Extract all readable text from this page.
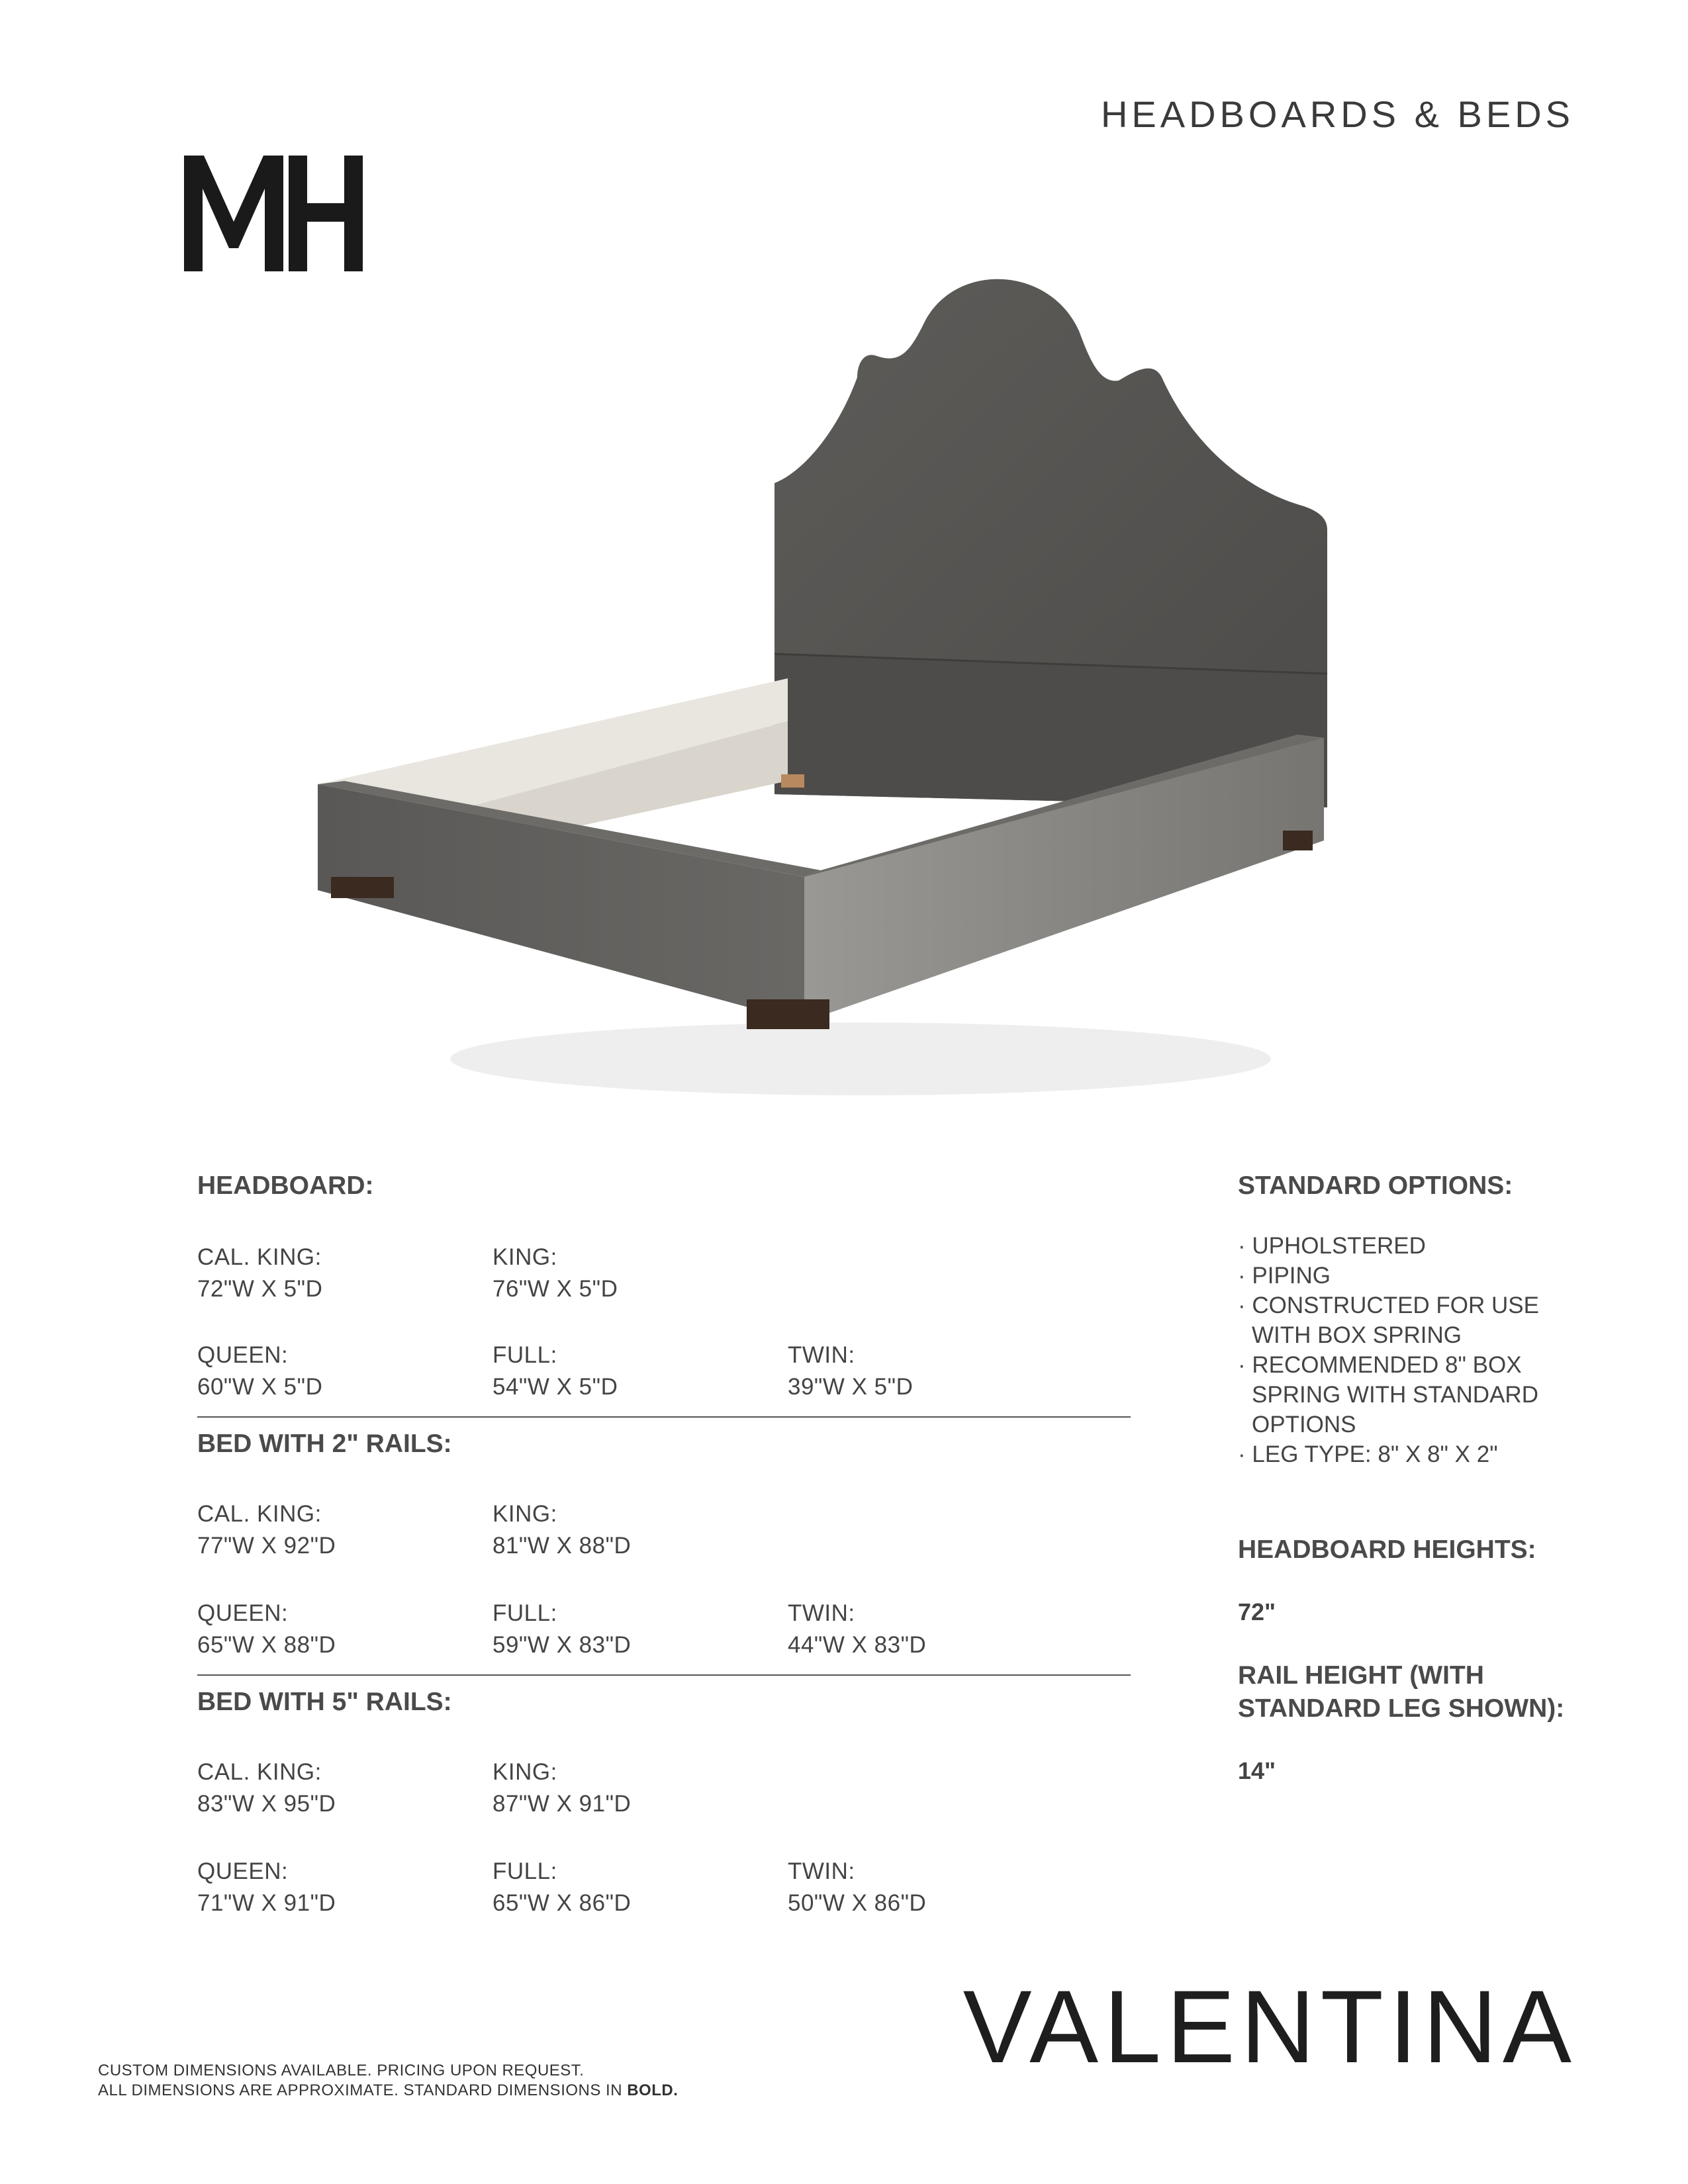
HEADBOARDS & BEDS
HEADBOARD:
CAL. KING:
72"W X 5"D
KING:
76"W X 5"D
QUEEN:
60"W X 5"D
FULL:
54"W X 5"D
TWIN:
39"W X 5"D
BED WITH 2" RAILS:
CAL. KING:
77"W X 92"D
KING:
81"W X 88"D
QUEEN:
65"W X 88"D
FULL:
59"W X 83"D
TWIN:
44"W X 83"D
BED WITH 5" RAILS:
CAL. KING:
83"W X 95"D
KING:
87"W X 91"D
QUEEN:
71"W X 91"D
FULL:
65"W X 86"D
TWIN:
50"W X 86"D
STANDARD OPTIONS:
· UPHOLSTERED
· PIPING
· CONSTRUCTED FOR USE
WITH BOX SPRING
· RECOMMENDED 8" BOX
SPRING WITH STANDARD
OPTIONS
· LEG TYPE: 8" X 8" X 2"
HEADBOARD HEIGHTS:
72"
RAIL HEIGHT (WITH
STANDARD LEG SHOWN):
14"
VALENTINA
CUSTOM DIMENSIONS AVAILABLE. PRICING UPON REQUEST.
ALL DIMENSIONS ARE APPROXIMATE. STANDARD DIMENSIONS IN BOLD.
